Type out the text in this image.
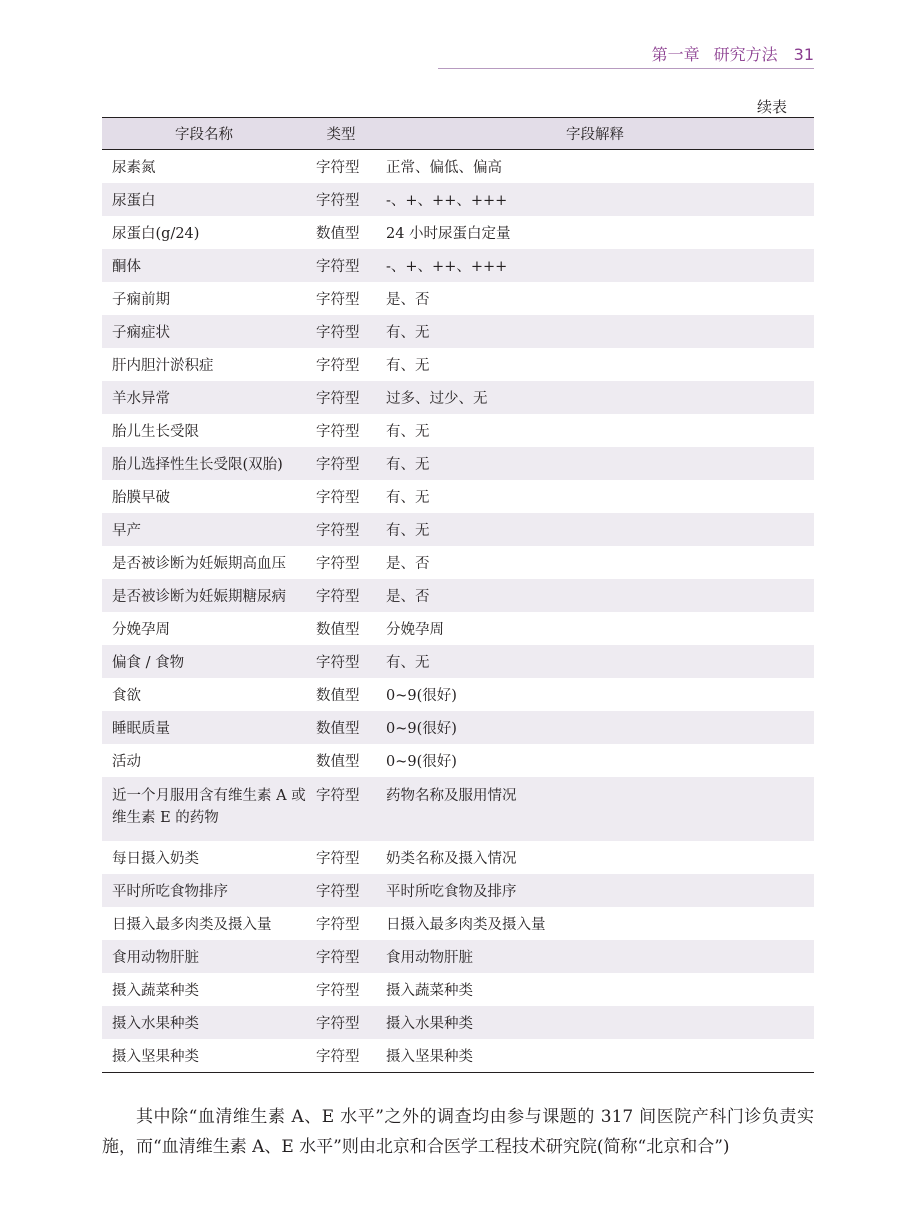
第一章 研究方法 31
续表
字段名称	类型	字段解释
尿素氮	字符型	正常、偏低、偏高
尿蛋白	字符型	-、+、++、+++
尿蛋白(g/24)	数值型	24 小时尿蛋白定量
酮体	字符型	-、+、++、+++
子痫前期	字符型	是、否
子痫症状	字符型	有、无
肝内胆汁淤积症	字符型	有、无
羊水异常	字符型	过多、过少、无
胎儿生长受限	字符型	有、无
胎儿选择性生长受限(双胎)	字符型	有、无
胎膜早破	字符型	有、无
早产	字符型	有、无
是否被诊断为妊娠期高血压	字符型	是、否
是否被诊断为妊娠期糖尿病	字符型	是、否
分娩孕周	数值型	分娩孕周
偏食 / 食物	字符型	有、无
食欲	数值型	0~9(很好)
睡眠质量	数值型	0~9(很好)
活动	数值型	0~9(很好)
近一个月服用含有维生素 A 或维生素 E 的药物	字符型	药物名称及服用情况
每日摄入奶类	字符型	奶类名称及摄入情况
平时所吃食物排序	字符型	平时所吃食物及排序
日摄入最多肉类及摄入量	字符型	日摄入最多肉类及摄入量
食用动物肝脏	字符型	食用动物肝脏
摄入蔬菜种类	字符型	摄入蔬菜种类
摄入水果种类	字符型	摄入水果种类
摄入坚果种类	字符型	摄入坚果种类

其中除“血清维生素 A、E 水平”之外的调查均由参与课题的 317 间医院产科门诊负责实施，而“血清维生素 A、E 水平”则由北京和合医学工程技术研究院(简称“北京和合”)
